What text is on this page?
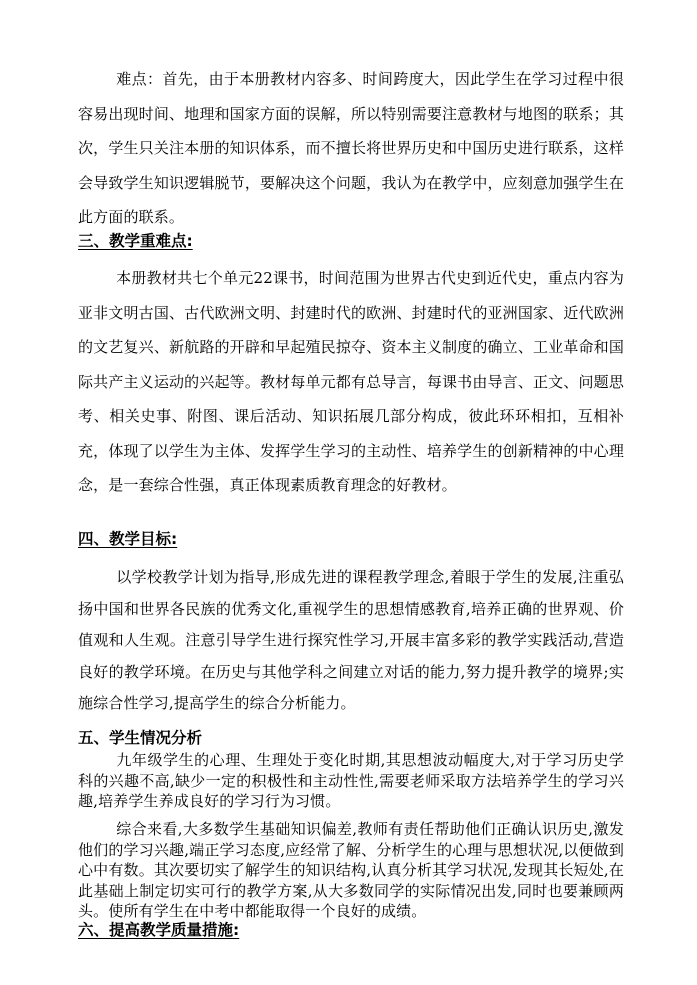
难点：首先，由于本册教材内容多、时间跨度大，因此学生在学习过程中很容易出现时间、地理和国家方面的误解，所以特别需要注意教材与地图的联系；其次，学生只关注本册的知识体系，而不擅长将世界历史和中国历史进行联系，这样会导致学生知识逻辑脱节，要解决这个问题，我认为在教学中，应刻意加强学生在此方面的联系。

三、教学重难点:

本册教材共七个单元22课书，时间范围为世界古代史到近代史，重点内容为亚非文明古国、古代欧洲文明、封建时代的欧洲、封建时代的亚洲国家、近代欧洲的文艺复兴、新航路的开辟和早起殖民掠夺、资本主义制度的确立、工业革命和国际共产主义运动的兴起等。教材每单元都有总导言，每课书由导言、正文、问题思考、相关史事、附图、课后活动、知识拓展几部分构成，彼此环环相扣，互相补充，体现了以学生为主体、发挥学生学习的主动性、培养学生的创新精神的中心理念，是一套综合性强，真正体现素质教育理念的好教材。

四、教学目标:

以学校教学计划为指导,形成先进的课程教学理念,着眼于学生的发展,注重弘扬中国和世界各民族的优秀文化,重视学生的思想情感教育,培养正确的世界观、价值观和人生观。注意引导学生进行探究性学习,开展丰富多彩的教学实践活动,营造良好的教学环境。在历史与其他学科之间建立对话的能力,努力提升教学的境界;实施综合性学习,提高学生的综合分析能力。

五、学生情况分析

九年级学生的心理、生理处于变化时期,其思想波动幅度大,对于学习历史学科的兴趣不高,缺少一定的积极性和主动性性,需要老师采取方法培养学生的学习兴趣,培养学生养成良好的学习行为习惯。

综合来看,大多数学生基础知识偏差,教师有责任帮助他们正确认识历史,激发他们的学习兴趣,端正学习态度,应经常了解、分析学生的心理与思想状况,以便做到心中有数。其次要切实了解学生的知识结构,认真分析其学习状况,发现其长短处,在此基础上制定切实可行的教学方案,从大多数同学的实际情况出发,同时也要兼顾两头。使所有学生在中考中都能取得一个良好的成绩。

六、提高教学质量措施:
